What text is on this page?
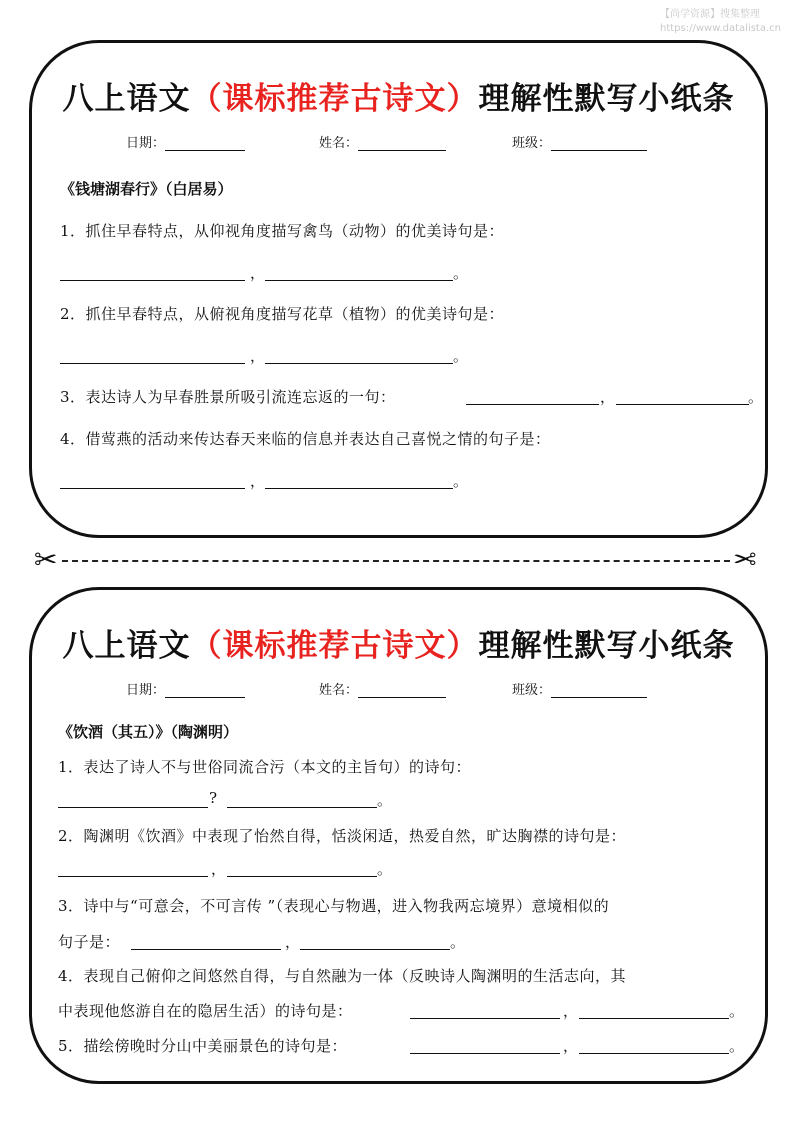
【尚学资源】搜集整理
https://www.datalista.cn
八上语文（课标推荐古诗文）理解性默写小纸条
日期：	姓名：	班级：
《钱塘湖春行》（白居易）
1．抓住早春特点，从仰视角度描写禽鸟（动物）的优美诗句是：
，	。
2．抓住早春特点，从俯视角度描写花草（植物）的优美诗句是：
，	。
3．表达诗人为早春胜景所吸引流连忘返的一句：	，	。
4．借莺燕的活动来传达春天来临的信息并表达自己喜悦之情的句子是：
，	。
✂	✂
八上语文（课标推荐古诗文）理解性默写小纸条
日期：	姓名：	班级：
《饮酒（其五）》（陶渊明）
1．表达了诗人不与世俗同流合污（本文的主旨句）的诗句：
?	。
2．陶渊明《饮酒》中表现了怡然自得，恬淡闲适，热爱自然，旷达胸襟的诗句是：
，	。
3．诗中与“可意会，不可言传 ”（表现心与物遇，进入物我两忘境界）意境相似的
句子是：	，	。
4．表现自己俯仰之间悠然自得，与自然融为一体（反映诗人陶渊明的生活志向，其
中表现他悠游自在的隐居生活）的诗句是：	，	。
5．描绘傍晚时分山中美丽景色的诗句是：	，	。
